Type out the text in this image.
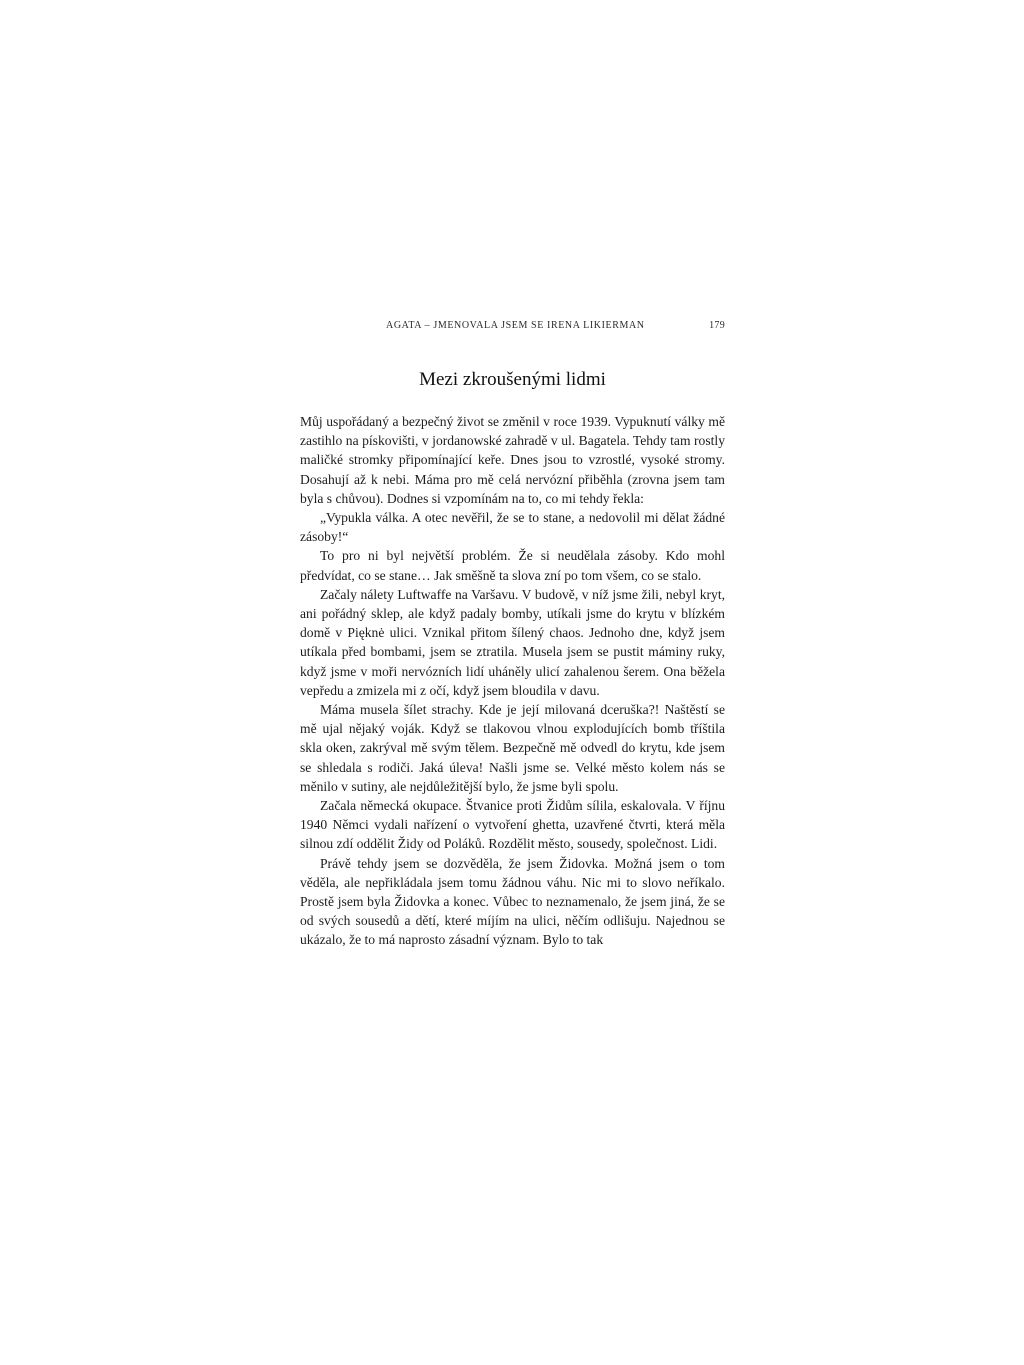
AGATA – JMENOVALA JSEM SE IRENA LIKIERMAN	179
Mezi zkroušenými lidmi

Můj uspořádaný a bezpečný život se změnil v roce 1939. Vypuknutí války mě zastihlo na pískovišti, v jordanowské zahradě v ul. Bagatela. Tehdy tam rostly maličké stromky připomínající keře. Dnes jsou to vzrostlé, vysoké stromy. Dosahují až k nebi. Máma pro mě celá nervózní přiběhla (zrovna jsem tam byla s chůvou). Dodnes si vzpomínám na to, co mi tehdy řekla:

„Vypukla válka. A otec nevěřil, že se to stane, a nedovolil mi dělat žádné zásoby!“

To pro ni byl největší problém. Že si neudělala zásoby. Kdo mohl předvídat, co se stane… Jak směšně ta slova zní po tom všem, co se stalo.

Začaly nálety Luftwaffe na Varšavu. V budově, v níž jsme žili, nebyl kryt, ani pořádný sklep, ale když padaly bomby, utíkali jsme do krytu v blízkém domě v Pięknė ulici. Vznikal přitom šílený chaos. Jednoho dne, když jsem utíkala před bombami, jsem se ztratila. Musela jsem se pustit máminy ruky, když jsme v moři nervózních lidí uháněly ulicí zahalenou šerem. Ona běžela vepředu a zmizela mi z očí, když jsem bloudila v davu.

Máma musela šílet strachy. Kde je její milovaná dceruška?! Naštěstí se mě ujal nějaký voják. Když se tlakovou vlnou explodujících bomb tříštila skla oken, zakrýval mě svým tělem. Bezpečně mě odvedl do krytu, kde jsem se shledala s rodiči. Jaká úleva! Našli jsme se. Velké město kolem nás se měnilo v sutiny, ale nejdůležitější bylo, že jsme byli spolu.

Začala německá okupace. Štvanice proti Židům sílila, eskalovala. V říjnu 1940 Němci vydali nařízení o vytvoření ghetta, uzavřené čtvrti, která měla silnou zdí oddělit Židy od Poláků. Rozdělit město, sousedy, společnost. Lidi.

Právě tehdy jsem se dozvěděla, že jsem Židovka. Možná jsem o tom věděla, ale nepřikládala jsem tomu žádnou váhu. Nic mi to slovo neříkalo. Prostě jsem byla Židovka a konec. Vůbec to neznamenalo, že jsem jiná, že se od svých sousedů a dětí, které míjím na ulici, něčím odlišuju. Najednou se ukázalo, že to má naprosto zásadní význam. Bylo to tak
